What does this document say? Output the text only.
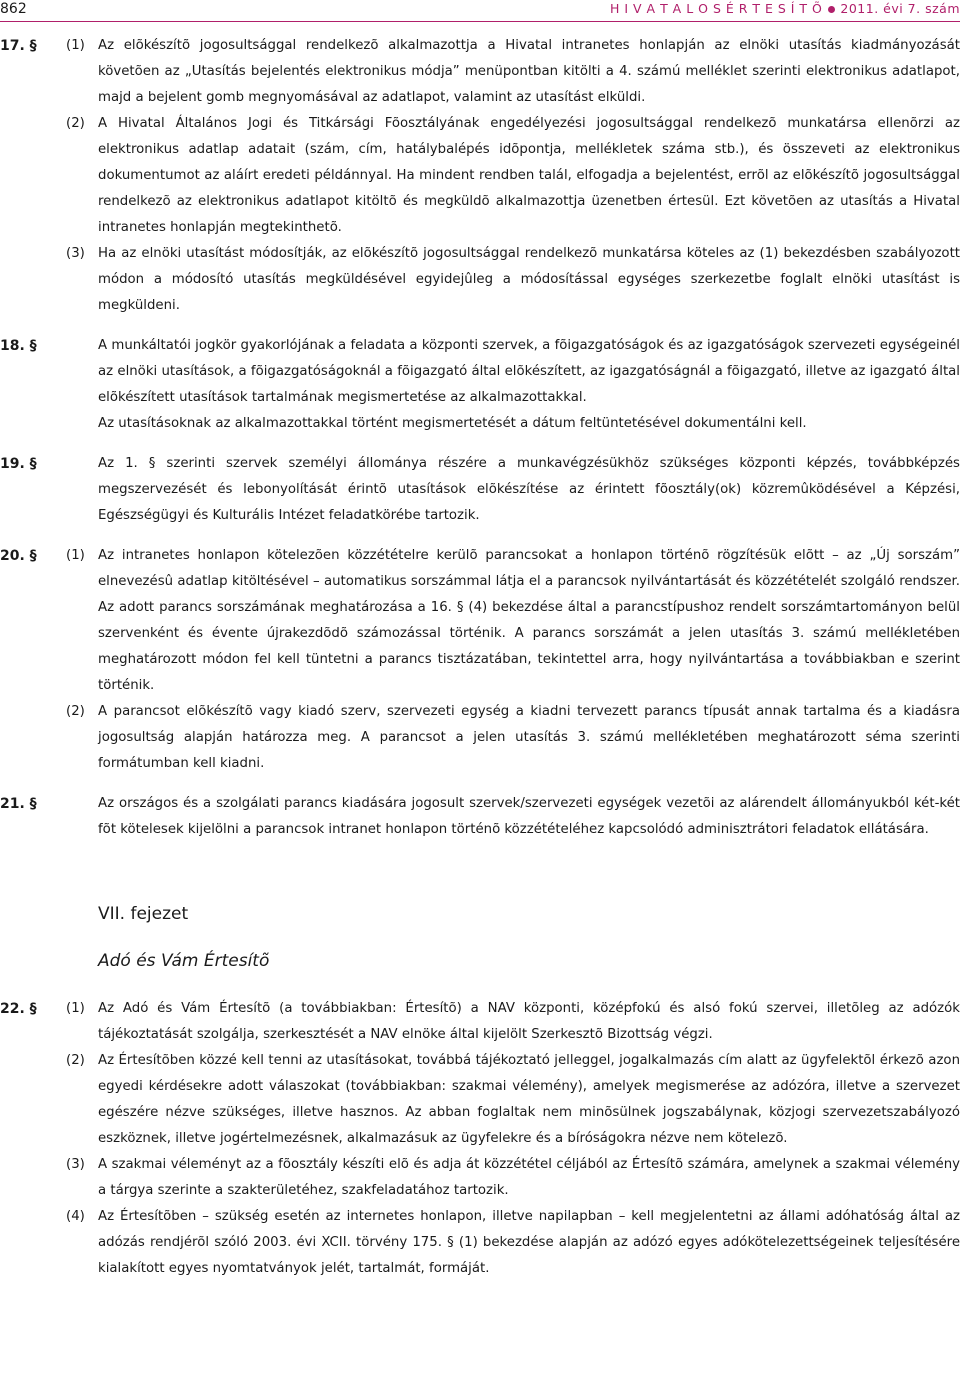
862	H I V A T A L O S É R T E S Í T Õ 2011. évi 7. szám
17. § (1) Az elõkészítõ jogosultsággal rendelkezõ alkalmazottja a Hivatal intranetes honlapján az elnöki utasítás kiadmányozását követõen az „Utasítás bejelentés elektronikus módja” menüpontban kitölti a 4. számú melléklet szerinti elektronikus adatlapot, majd a bejelent gomb megnyomásával az adatlapot, valamint az utasítást elküldi.
(2) A Hivatal Általános Jogi és Titkársági Fõosztályának engedélyezési jogosultsággal rendelkezõ munkatársa ellenõrzi az elektronikus adatlap adatait (szám, cím, hatálybalépés idõpontja, mellékletek száma stb.), és összeveti az elektronikus dokumentumot az aláírt eredeti példánnyal. Ha mindent rendben talál, elfogadja a bejelentést, errõl az elõkészítõ jogosultsággal rendelkezõ az elektronikus adatlapot kitöltõ és megküldõ alkalmazottja üzenetben értesül. Ezt követõen az utasítás a Hivatal intranetes honlapján megtekinthetõ.
(3) Ha az elnöki utasítást módosítják, az elõkészítõ jogosultsággal rendelkezõ munkatársa köteles az (1) bekezdésben szabályozott módon a módosító utasítás megküldésével egyidejûleg a módosítással egységes szerkezetbe foglalt elnöki utasítást is megküldeni.
18. §	A munkáltatói jogkör gyakorlójának a feladata a központi szervek, a fõigazgatóságok és az igazgatóságok szervezeti egységeinél az elnöki utasítások, a fõigazgatóságoknál a fõigazgató által elõkészített, az igazgatóságnál a fõigazgató, illetve az igazgató által elõkészített utasítások tartalmának megismertetése az alkalmazottakkal.
Az utasításoknak az alkalmazottakkal történt megismertetését a dátum feltüntetésével dokumentálni kell.
19. §	Az 1. § szerinti szervek személyi állománya részére a munkavégzésükhöz szükséges központi képzés, továbbképzés megszervezését és lebonyolítását érintõ utasítások elõkészítése az érintett fõosztály(ok) közremûködésével a Képzési, Egészségügyi és Kulturális Intézet feladatkörébe tartozik.
20. § (1) Az intranetes honlapon kötelezõen közzétételre kerülõ parancsokat a honlapon történõ rögzítésük elõtt – az „Új sorszám” elnevezésû adatlap kitöltésével – automatikus sorszámmal látja el a parancsok nyilvántartását és közzétételét szolgáló rendszer. Az adott parancs sorszámának meghatározása a 16. § (4) bekezdése által a parancstípushoz rendelt sorszámtartományon belül szervenként és évente újrakezdõdõ számozással történik. A parancs sorszámát a jelen utasítás 3. számú mellékletében meghatározott módon fel kell tüntetni a parancs tisztázatában, tekintettel arra, hogy nyilvántartása a továbbiakban e szerint történik.
(2) A parancsot elõkészítõ vagy kiadó szerv, szervezeti egység a kiadni tervezett parancs típusát annak tartalma és a kiadásra jogosultság alapján határozza meg. A parancsot a jelen utasítás 3. számú mellékletében meghatározott séma szerinti formátumban kell kiadni.
21. §	Az országos és a szolgálati parancs kiadására jogosult szervek/szervezeti egységek vezetõi az alárendelt állományukból két-két fõt kötelesek kijelölni a parancsok intranet honlapon történõ közzétételéhez kapcsolódó adminisztrátori feladatok ellátására.
VII. fejezet
Adó és Vám Értesítõ
22. § (1) Az Adó és Vám Értesítõ (a továbbiakban: Értesítõ) a NAV központi, középfokú és alsó fokú szervei, illetõleg az adózók tájékoztatását szolgálja, szerkesztését a NAV elnöke által kijelölt Szerkesztõ Bizottság végzi.
(2) Az Értesítõben közzé kell tenni az utasításokat, továbbá tájékoztató jelleggel, jogalkalmazás cím alatt az ügyfelektõl érkezõ azon egyedi kérdésekre adott válaszokat (továbbiakban: szakmai vélemény), amelyek megismerése az adózóra, illetve a szervezet egészére nézve szükséges, illetve hasznos. Az abban foglaltak nem minõsülnek jogszabálynak, közjogi szervezetszabályozó eszköznek, illetve jogértelmezésnek, alkalmazásuk az ügyfelekre és a bíróságokra nézve nem kötelezõ.
(3) A szakmai véleményt az a fõosztály készíti elõ és adja át közzététel céljából az Értesítõ számára, amelynek a szakmai vélemény a tárgya szerinte a szakterületéhez, szakfeladatához tartozik.
(4) Az Értesítõben – szükség esetén az internetes honlapon, illetve napilapban – kell megjelentetni az állami adóhatóság által az adózás rendjérõl szóló 2003. évi XCII. törvény 175. § (1) bekezdése alapján az adózó egyes adókötelezettségeinek teljesítésére kialakított egyes nyomtatványok jelét, tartalmát, formáját.
